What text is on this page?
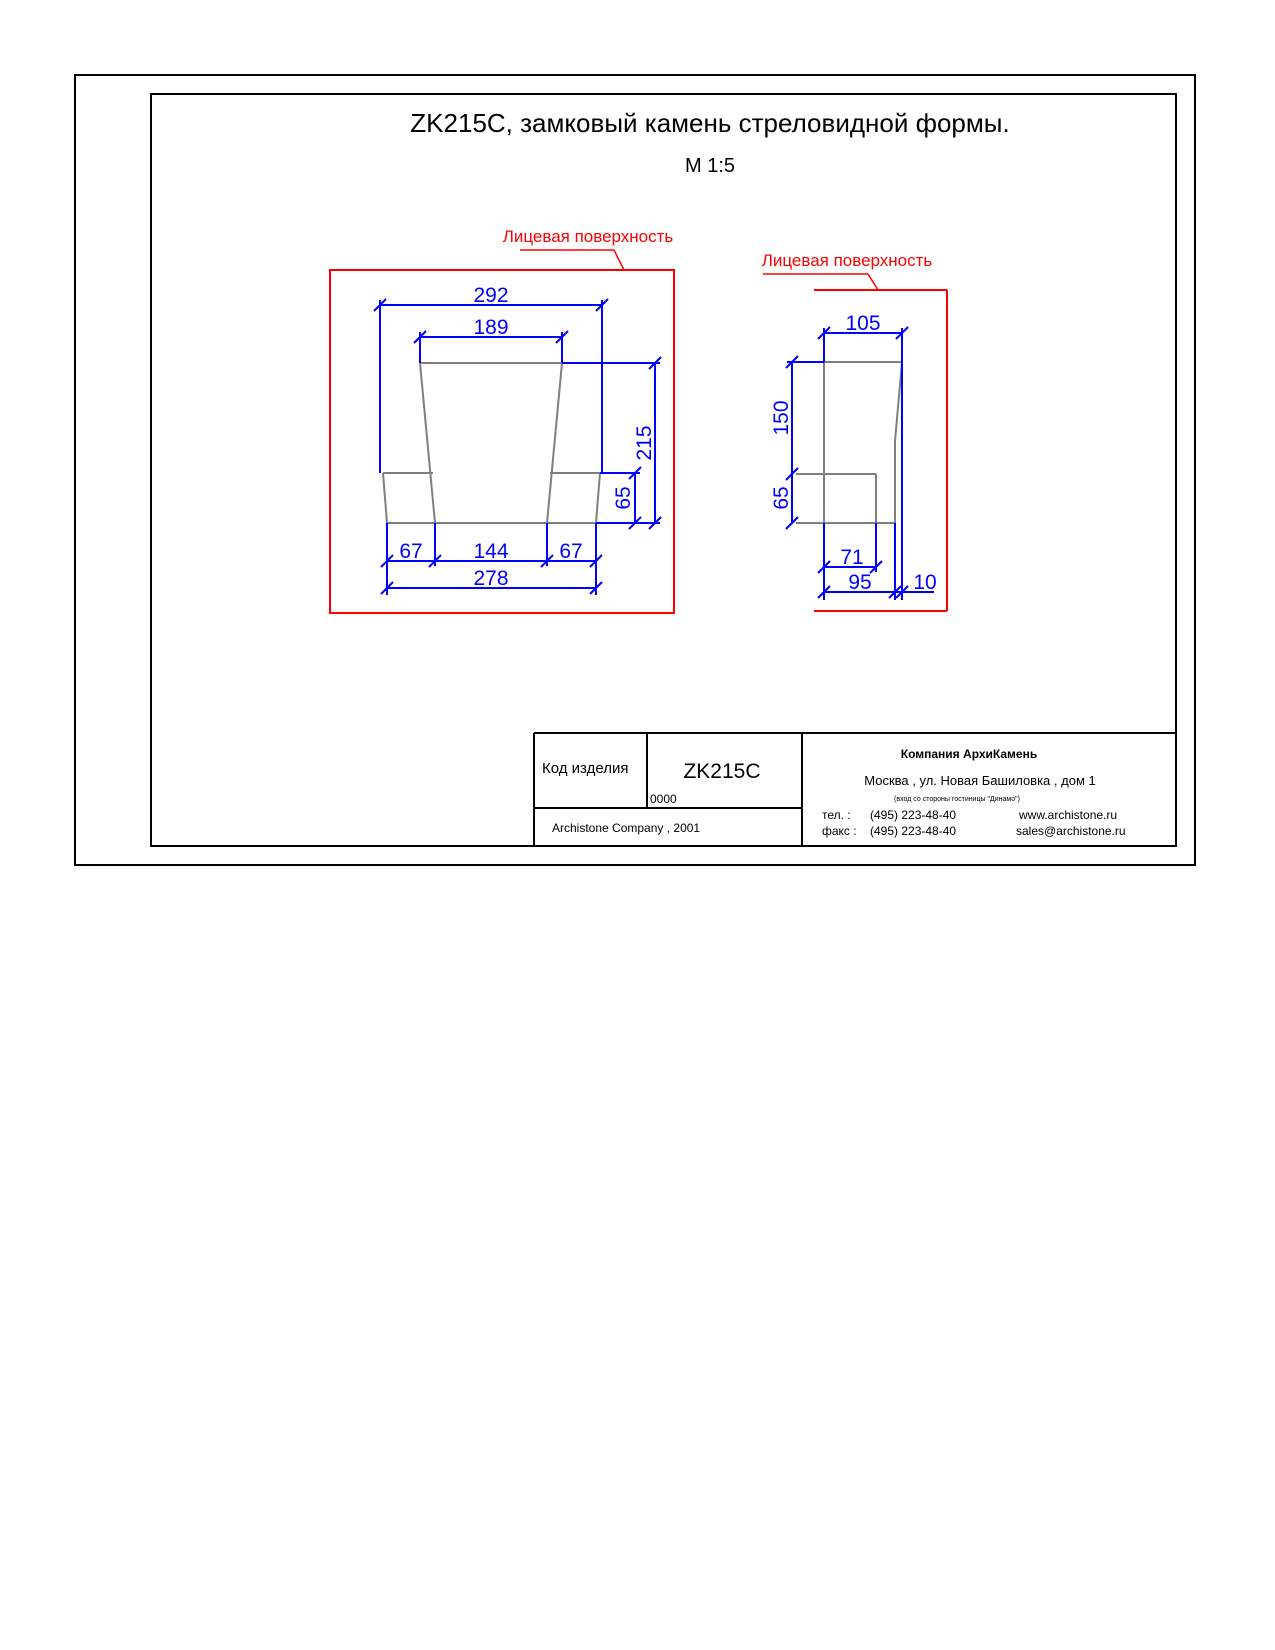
ZK215C, замковый камень стреловидной формы.
М 1:5
Лицевая поверхность
292
189
215
65
67 144 67
278
Лицевая поверхность
105
150
65
71
95 10
Код изделия	ZK215C
0000
Archistone Company , 2001
Компания АрхиКамень
Москва , ул. Новая Башиловка , дом 1
(вход со стороны гостиницы "Динамо")
тел. : (495) 223-48-40
факс : (495) 223-48-40
www.archistone.ru
sales@archistone.ru
